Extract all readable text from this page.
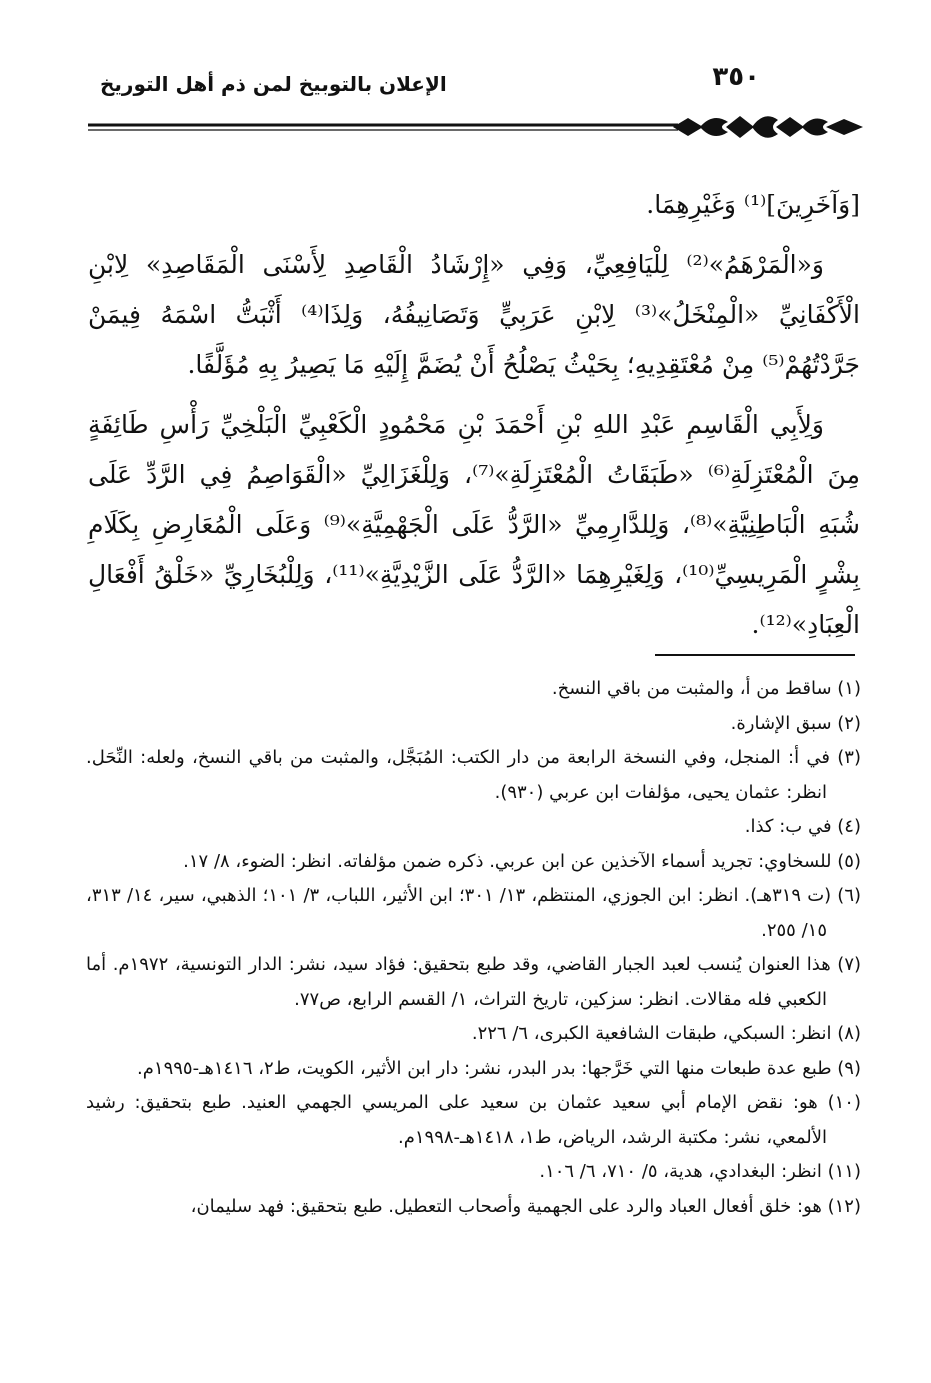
٣٥٠
الإعلان بالتوبيخ لمن ذم أهل التوريخ

[وَآخَرِينَ]⁽¹⁾ وَغَيْرِهِمَا.

وَ«الْمَرْهَمُ»⁽²⁾ لِلْيَافِعِيِّ، وَفِي «إِرْشَادُ الْقَاصِدِ لِأَسْنَى الْمَقَاصِدِ» لِابْنِ الْأَكْفَانِيِّ «الْمِنْخَلُ»⁽³⁾ لِابْنِ عَرَبِيٍّ وَتَصَانِيفُهُ، وَلِذَا⁽⁴⁾ أَثْبَتُّ اسْمَهُ فِيمَنْ جَرَّدْتُهُمْ⁽⁵⁾ مِنْ مُعْتَقِدِيهِ؛ بِحَيْثُ يَصْلُحُ أَنْ يُضَمَّ إِلَيْهِ مَا يَصِيرُ بِهِ مُؤَلَّفًا.

وَلِأَبِي الْقَاسِمِ عَبْدِ اللهِ بْنِ أَحْمَدَ بْنِ مَحْمُودٍ الْكَعْبِيِّ الْبَلْخِيِّ رَأْسِ طَائِفَةٍ مِنَ الْمُعْتَزِلَةِ⁽⁶⁾ «طَبَقَاتُ الْمُعْتَزِلَةِ»⁽⁷⁾، وَلِلْغَزَالِيِّ «الْقَوَاصِمُ فِي الرَّدِّ عَلَى شُبَهِ الْبَاطِنِيَّةِ»⁽⁸⁾، وَلِلدَّارِمِيِّ «الرَّدُّ عَلَى الْجَهْمِيَّةِ»⁽⁹⁾ وَعَلَى الْمُعَارِضِ بِكَلَامِ بِشْرٍ الْمَرِيسِيِّ⁽¹⁰⁾، وَلِغَيْرِهِمَا «الرَّدُّ عَلَى الزَّيْدِيَّةِ»⁽¹¹⁾، وَلِلْبُخَارِيِّ «خَلْقُ أَفْعَالِ الْعِبَادِ»⁽¹²⁾.

(١) ساقط من أ، والمثبت من باقي النسخ.

(٢) سبق الإشارة.

(٣) في أ: المنجل، وفي النسخة الرابعة من دار الكتب: المُبَجَّل، والمثبت من باقي النسخ، ولعله: النِّحَل. انظر: عثمان يحيى، مؤلفات ابن عربي (٩٣٠).

(٤) في ب: كذا.

(٥) للسخاوي: تجريد أسماء الآخذين عن ابن عربي. ذكره ضمن مؤلفاته. انظر: الضوء، ٨/ ١٧.

(٦) (ت ٣١٩هـ). انظر: ابن الجوزي، المنتظم، ١٣/ ٣٠١؛ ابن الأثير، اللباب، ٣/ ١٠١؛ الذهبي، سير، ١٤/ ٣١٣، ١٥/ ٢٥٥.

(٧) هذا العنوان يُنسب لعبد الجبار القاضي، وقد طبع بتحقيق: فؤاد سيد، نشر: الدار التونسية، ١٩٧٢م. أما الكعبي فله مقالات. انظر: سزكين، تاريخ التراث، ١/ القسم الرابع، ص٧٧.

(٨) انظر: السبكي، طبقات الشافعية الكبرى، ٦/ ٢٢٦.

(٩) طبع عدة طبعات منها التي خَرَّجها: بدر البدر، نشر: دار ابن الأثير، الكويت، ط٢، ١٤١٦هـ-١٩٩٥م.

(١٠) هو: نقض الإمام أبي سعيد عثمان بن سعيد على المريسي الجهمي العنيد. طبع بتحقيق: رشيد الألمعي، نشر: مكتبة الرشد، الرياض، ط١، ١٤١٨هـ-١٩٩٨م.

(١١) انظر: البغدادي، هدية، ٥/ ٧١٠، ٦/ ١٠٦.

(١٢) هو: خلق أفعال العباد والرد على الجهمية وأصحاب التعطيل. طبع بتحقيق: فهد سليمان،
